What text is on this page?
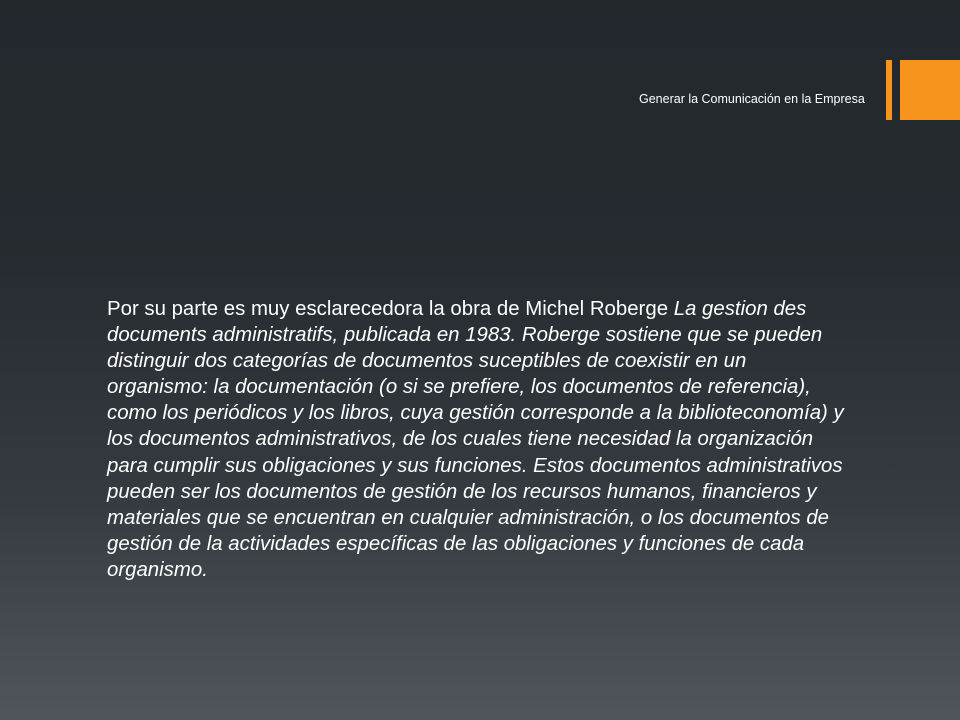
Generar la Comunicación en la Empresa

Por su parte es muy esclarecedora la obra de Michel Roberge La gestion des documents administratifs, publicada en 1983. Roberge sostiene que se pueden distinguir dos categorías de documentos suceptibles de coexistir en un organismo: la documentación (o si se prefiere, los documentos de referencia), como los periódicos y los libros, cuya gestión corresponde a la biblioteconomía) y los documentos administrativos, de los cuales tiene necesidad la organización para cumplir sus obligaciones y sus funciones. Estos documentos administrativos pueden ser los documentos de gestión de los recursos humanos, financieros y materiales que se encuentran en cualquier administración, o los documentos de gestión de la actividades específicas de las obligaciones y funciones de cada organismo.
